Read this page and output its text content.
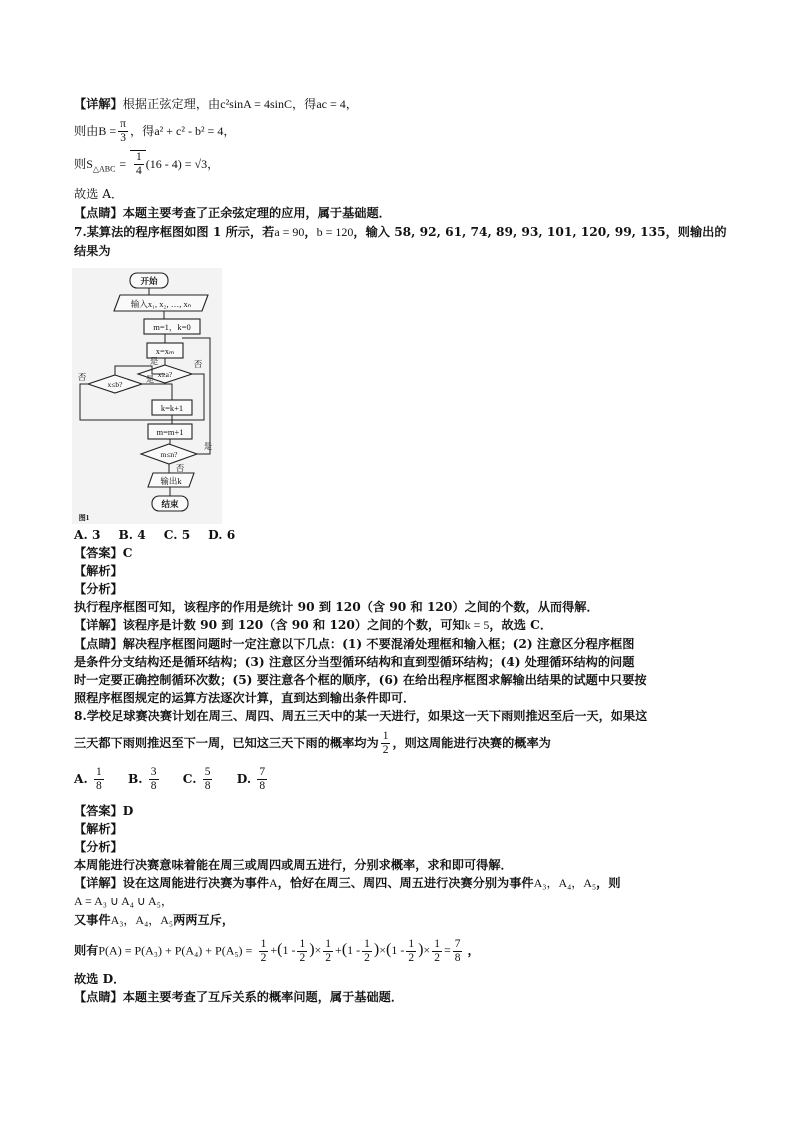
【详解】根据正弦定理，由c²sinA = 4sinC，得ac = 4，
则由$B = \frac{\pi}{3}$ ，得a² + c² - b² = 4，
则$S_{\triangle ABC} = \frac{1}{4} (16 - 4) = √3$，
故选 A．
【点睛】本题主要考查了正余弦定理的应用，属于基础题．
7.某算法的程序框图如图 1 所示，若a = 90，b = 120，输入 58, 92, 61, 74, 89, 93, 101, 120, 99, 135，则输出的
结果为
开始
输入x₁, x₂, …, xₙ
m=1，k=0
x=xₘ
x≥a?
x≤b?
k=k+1
m=m+1
m≤n?
输出k
结束
是	否
是
否
是
否
图1
A. 3 B. 4 C. 5 D. 6
【答案】C
【解析】
【分析】
执行程序框图可知，该程序的作用是统计 90 到 120（含 90 和 120）之间的个数，从而得解．
【详解】该程序是计数 90 到 120（含 90 和 120）之间的个数，可知k = 5，故选 C．
【点睛】解决程序框图问题时一定注意以下几点：(1) 不要混淆处理框和输入框；(2) 注意区分程序框图
是条件分支结构还是循环结构；(3) 注意区分当型循环结构和直到型循环结构；(4) 处理循环结构的问题
时一定要正确控制循环次数；(5) 要注意各个框的顺序，(6) 在给出程序框图求解输出结果的试题中只要按
照程序框图规定的运算方法逐次计算，直到达到输出条件即可．
8.学校足球赛决赛计划在周三、周四、周五三天中的某一天进行，如果这一天下雨则推迟至后一天，如果这
三天都下雨则推迟至下一周，已知这三天下雨的概率均为 $\frac{1}{2}$ ，则这周能进行决赛的概率为
A. $\frac{1}{8} B$. $\frac{3}{8} C$. $\frac{5}{8} D$. $\frac{7}{8}$
【答案】D
【解析】
【分析】
本周能进行决赛意味着能在周三或周四或周五进行，分别求概率，求和即可得解．
【详解】设在这周能进行决赛为事件A，恰好在周三、周四、周五进行决赛分别为事件A₃，A₄，A₅，则
A = A₃ ∪ A₄ ∪ A₅，
又事件A₃，A₄，A₅两两互斥，
则有$P(A) = P(A_3) + P(A_4) + P(A_5) = \frac{1}{2} +(1 - \frac{1}{2}$ )× $\frac{1}{2} +(1 - \frac{1}{2} )\times(1 - \frac{1}{2}$ )× $\frac{1}{2} = \frac{7}{8}$ ，
故选 D．
【点睛】本题主要考查了互斥关系的概率问题，属于基础题．
